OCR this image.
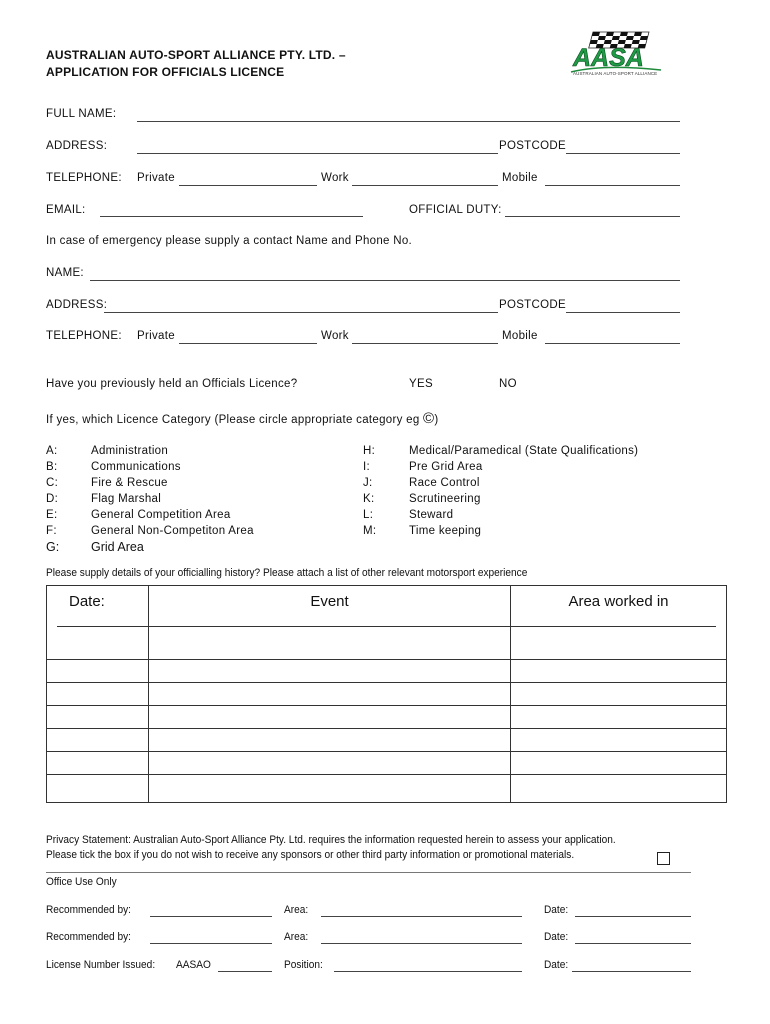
AUSTRALIAN AUTO-SPORT ALLIANCE PTY. LTD. –
APPLICATION FOR OFFICIALS LICENCE	AASA
AUSTRALIAN AUTO-SPORT ALLIANCE
FULL NAME:
ADDRESS:	POSTCODE
TELEPHONE: Private	Work	Mobile
EMAIL:	OFFICIAL DUTY:
In case of emergency please supply a contact Name and Phone No.
NAME:
ADDRESS:	POSTCODE
TELEPHONE: Private	Work	Mobile
Have you previously held an Officials Licence?	YES	NO
If yes, which Licence Category (Please circle appropriate category eg ©)
A:	Administration
B:	Communications
C:	Fire & Rescue
D:	Flag Marshal
E:	General Competition Area
F:	General Non-Competiton Area
G:	Grid Area
H:	Medical/Paramedical (State Qualifications)
I:	Pre Grid Area
J:	Race Control
K:	Scrutineering
L:	Steward
M:	Time keeping
Please supply details of your officialling history? Please attach a list of other relevant motorsport experience
Date:	Event	Area worked in

Privacy Statement: Australian Auto-Sport Alliance Pty. Ltd. requires the information requested herein to assess your application.
Please tick the box if you do not wish to receive any sponsors or other third party information or promotional materials.
Office Use Only
Recommended by:	Area:	Date:
Recommended by:	Area:	Date:
License Number Issued: AASAO	Position:	Date:
